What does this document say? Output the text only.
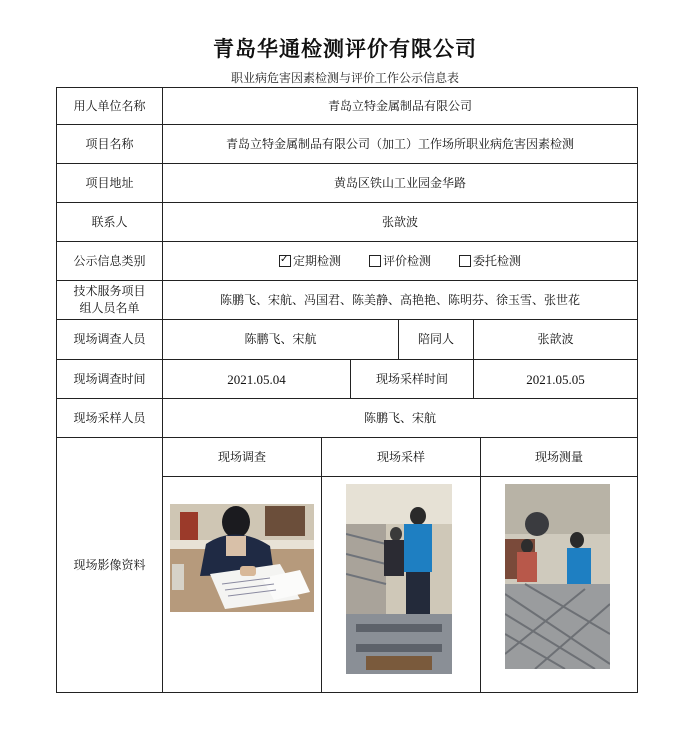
青岛华通检测评价有限公司
职业病危害因素检测与评价工作公示信息表
用人单位名称	青岛立特金属制品有限公司
项目名称	青岛立特金属制品有限公司（加工）工作场所职业病危害因素检测
项目地址	黄岛区铁山工业园金华路
联系人	张歆波
公示信息类别
✓	定期检测	评价检测	委托检测
技术服务项目
组人员名单
陈鹏飞、宋航、冯国君、陈美静、高艳艳、陈明芬、徐玉雪、张世花
现场调查人员	陈鹏飞、宋航	陪同人	张歆波
现场调查时间	2021.05.04	现场采样时间	2021.05.05
现场采样人员	陈鹏飞、宋航
现场影像资料
现场调查	现场采样	现场测量
